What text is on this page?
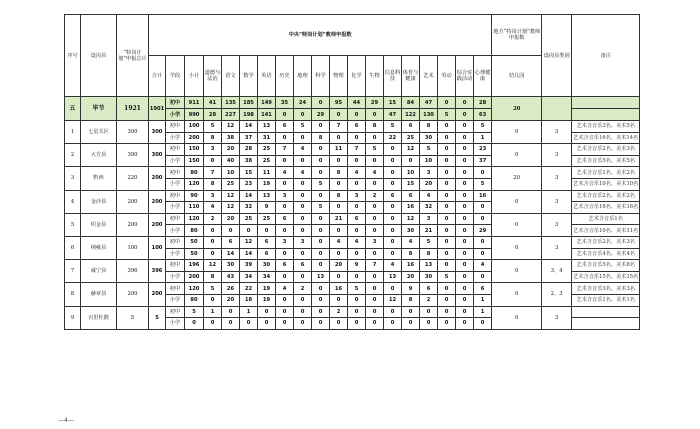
序号	设岗县	“特岗计划”申报总计	中央“特岗计划”教师申报数																			地方“特岗计划”教师申报数	设岗县类别	备注
			合计	学段	小计	道德与法治	语文	数学	英语	历史	地理	科学	物理	化学	生物	信息科技	体育与健康	艺术	劳动	综合实践活动	心理健康	幼儿园		
五	毕节	1921	1901	初中	911	41	135	185	149	35	24	0	95	44	29	15	84	47	0	0	28	20		
				小学	990	28	227	198	141	0	0	29	0	0	0	47	122	130	5	0	63			
1	七星关区	300	300	初中	100	5	12	14	13	6	5	0	7	6	8	5	6	8	0	0	5	0	3	艺术含音乐3名、美术5名
				小学	200	8	38	37	31	0	0	8	0	0	0	22	25	30	0	0	1			艺术含音乐16名、美术14名
2	大方县	300	300	初中	150	3	20	28	25	7	4	0	11	7	5	0	12	5	0	0	23	0	3	艺术含音乐2名、美术3名
				小学	150	0	40	38	25	0	0	0	0	0	0	0	0	10	0	0	37			艺术含音乐5名、美术5名
3	黔西	220	200	初中	80	7	10	15	11	4	4	0	8	4	4	0	10	3	0	0	0	20	3	艺术含音乐1名、美术2名
				小学	120	8	25	23	19	0	0	5	0	0	0	0	15	20	0	0	5			艺术含音乐10名、美术10名
4	金沙县	200	200	初中	90	3	12	14	13	3	0	0	8	3	2	6	6	4	0	0	16	0	3	艺术含音乐2名、美术2名
				小学	110	4	12	32	9	0	0	5	0	0	0	0	16	32	0	0	0			艺术含音乐16名、美术16名
5	织金县	200	200	初中	120	2	20	25	25	6	0	0	21	6	0	0	12	3	0	0	0	0	3	艺术含音乐1名
				小学	80	0	0	0	0	0	0	0	0	0	0	0	30	21	0	0	29			艺术含音乐10名、美术11名
6	纳雍县	100	100	初中	50	0	6	12	6	3	3	0	4	4	3	0	4	5	0	0	0	0	3	艺术含音乐2名、美术3名
				小学	50	0	14	14	6	0	0	0	0	0	0	0	8	8	0	0	0			艺术含音乐4名、美术4名
7	威宁县	396	396	初中	196	12	30	39	30	6	6	0	20	9	7	4	16	13	0	0	4	0	3、4	艺术含音乐5名、美术8名
				小学	200	8	43	34	34	0	0	13	0	0	0	13	20	30	5	0	0			艺术含音乐15名、美术15名
8	赫章县	200	200	初中	120	5	26	22	19	4	2	0	16	5	0	0	9	6	0	0	6	0	2、3	艺术含音乐3名、美术3名
				小学	80	0	20	18	19	0	0	0	0	0	0	12	8	2	0	0	1			艺术含音乐1名、美术1名
9	百里杜鹃	5	5	初中	5	1	0	1	0	0	0	0	2	0	0	0	0	0	0	0	1	0	3	
				小学	0	0	0	0	0	0	0	0	0	0	0	0	0	0	0	0	0			
—4—
